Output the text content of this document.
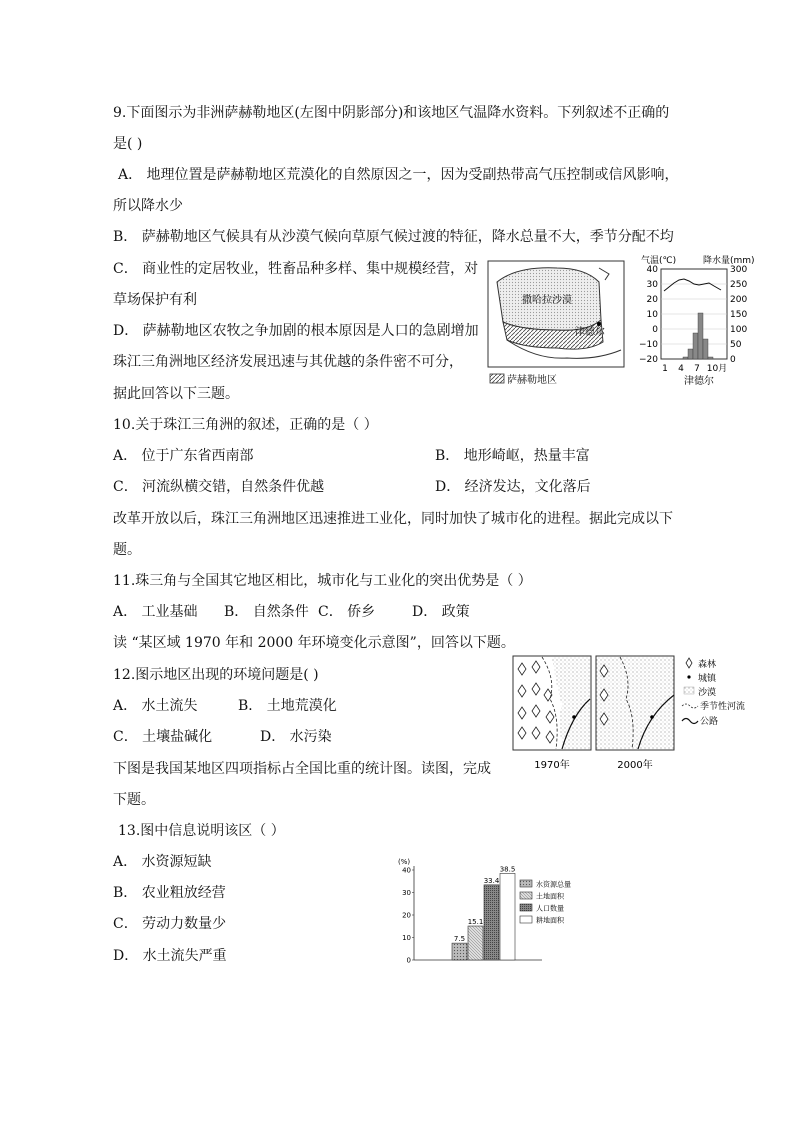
9.下面图示为非洲萨赫勒地区(左图中阴影部分)和该地区气温降水资料。下列叙述不正确的
是( )
A． 地理位置是萨赫勒地区荒漠化的自然原因之一，因为受副热带高气压控制或信风影响，
所以降水少
B． 萨赫勒地区气候具有从沙漠气候向草原气候过渡的特征，降水总量不大，季节分配不均
C． 商业性的定居牧业，牲畜品种多样、集中规模经营，对
草场保护有利
D． 萨赫勒地区农牧之争加剧的根本原因是人口的急剧增加
珠江三角洲地区经济发展迅速与其优越的条件密不可分，
据此回答以下三题。
撒哈拉沙漠
津德尔
萨赫勒地区
气温(℃)	降水量(mm)
40
30
20
10
0
−10
−20
300
250
200
150
100
50
0
1 4 7 10月
津德尔
10.关于珠江三角洲的叙述，正确的是（ ）
A． 位于广东省西南部	B． 地形崎岖，热量丰富
C． 河流纵横交错，自然条件优越	D． 经济发达，文化落后
改革开放以后，珠江三角洲地区迅速推进工业化，同时加快了城市化的进程。据此完成以下
题。
11.珠三角与全国其它地区相比，城市化与工业化的突出优势是（ ）
A． 工业基础 B． 自然条件 C． 侨乡	D． 政策
读 “某区域 1970 年和 2000 年环境变化示意图”，回答以下题。
12.图示地区出现的环境问题是( )
A． 水土流失	B． 土地荒漠化
C． 土壤盐碱化	D． 水污染
1970年	2000年
森林
城镇
沙漠
季节性河流
公路
下图是我国某地区四项指标占全国比重的统计图。读图，完成
下题。
13.图中信息说明该区（ ）
A． 水资源短缺
B． 农业粗放经营
C． 劳动力数量少
D． 水土流失严重
(%)
0
10
20
30
40
7.5
15.1
33.4
38.5
水资源总量
土地面积
人口数量
耕地面积
